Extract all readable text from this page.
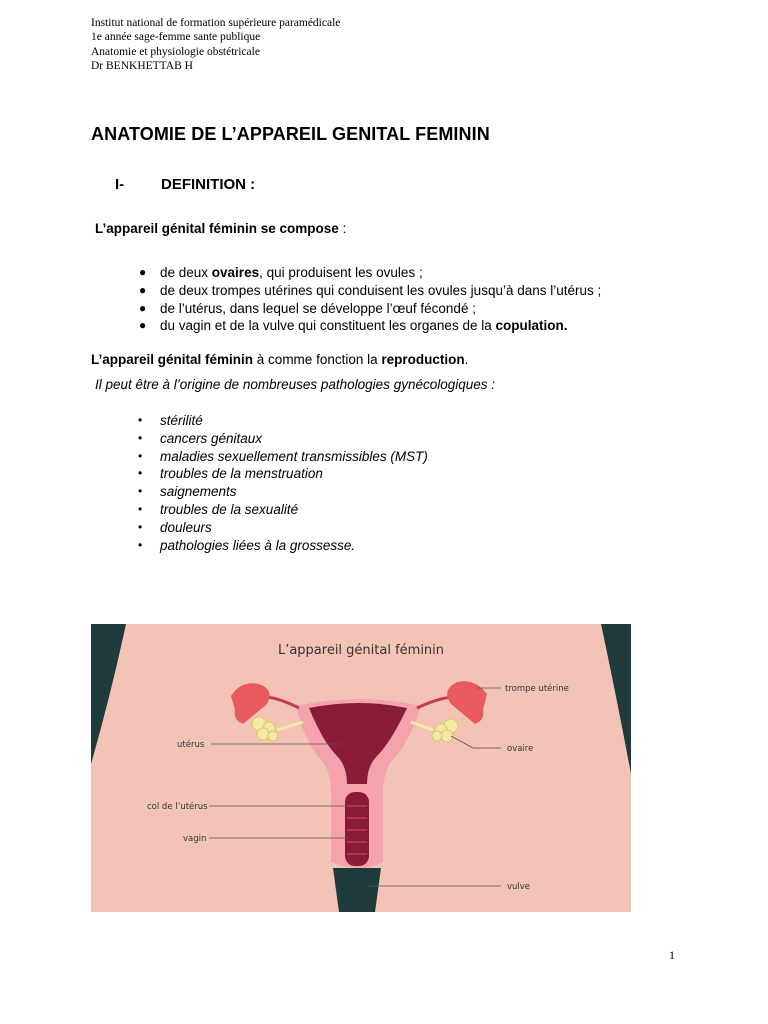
Institut national de formation supérieure paramédicale
1e année sage-femme sante publique
Anatomie et physiologie obstétricale
Dr BENKHETTAB H
ANATOMIE DE L’APPAREIL GENITAL FEMININ
I- DEFINITION :
L’appareil génital féminin se compose :
● de deux ovaires, qui produisent les ovules ;
● de deux trompes utérines qui conduisent les ovules jusqu’à dans l’utérus ;
● de l’utérus, dans lequel se développe l’œuf fécondé ;
● du vagin et de la vulve qui constituent les organes de la copulation.
L’appareil génital féminin à comme fonction la reproduction.
Il peut être à l’origine de nombreuses pathologies gynécologiques :
• stérilité
• cancers génitaux
• maladies sexuellement transmissibles (MST)
• troubles de la menstruation
• saignements
• troubles de la sexualité
• douleurs
• pathologies liées à la grossesse.
L’appareil génital féminin
trompe utérine
utérus	ovaire
col de l’utérus
vagin
vulve
1
